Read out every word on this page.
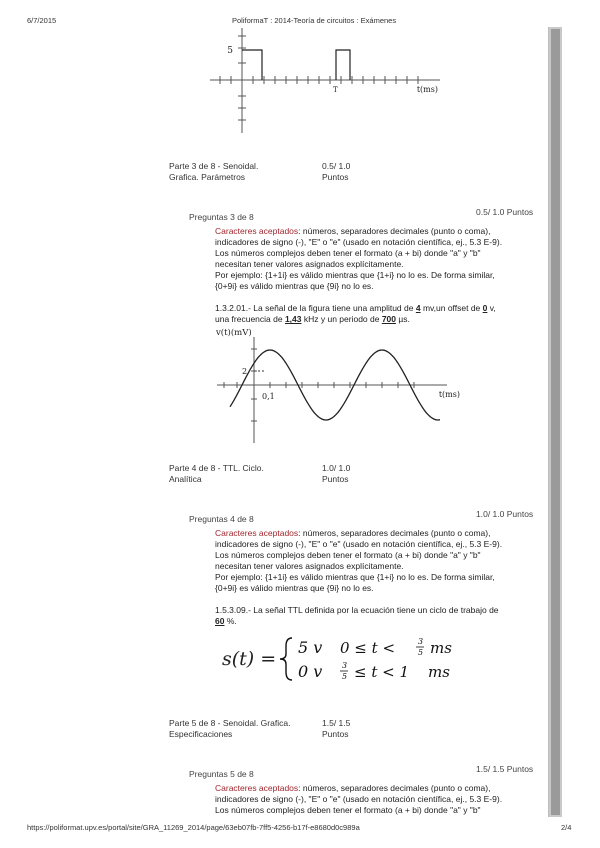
6/7/2015	PoliformaT : 2014-Teoría de circuitos : Exámenes
5
T	t(ms)
Parte 3 de 8 - Senoidal.
Grafica. Parámetros
0.5/ 1.0
Puntos
Preguntas 3 de 8	0.5/ 1.0 Puntos
Caracteres aceptados: números, separadores decimales (punto o coma),
indicadores de signo (-), "E" o "e" (usado en notación científica, ej., 5.3 E-9).
Los números complejos deben tener el formato (a + bi) donde "a" y "b"
necesitan tener valores asignados explícitamente.
Por ejemplo: {1+1i} es válido mientras que {1+i} no lo es. De forma similar,
{0+9i} es válido mientras que {9i} no lo es.
1.3.2.01.- La señal de la figura tiene una amplitud de 4 mv,un offset de 0 v,
una frecuencia de 1,43 kHz y un periodo de 700 µs.
v(t)(mV)
2
0,1	t(ms)
Parte 4 de 8 - TTL. Ciclo.
Analítica
1.0/ 1.0
Puntos
Preguntas 4 de 8	1.0/ 1.0 Puntos
Caracteres aceptados: números, separadores decimales (punto o coma),
indicadores de signo (-), "E" o "e" (usado en notación científica, ej., 5.3 E-9).
Los números complejos deben tener el formato (a + bi) donde "a" y "b"
necesitan tener valores asignados explícitamente.
Por ejemplo: {1+1i} es válido mientras que {1+i} no lo es. De forma similar,
{0+9i} es válido mientras que {9i} no lo es.
1.5.3.09.- La señal TTL definida por la ecuación tiene un ciclo de trabajo de
60 %.
s(t) =
5 v 0 ≤ t <	3
5 ms
0 v 3
5 ≤ t < 1 ms
Parte 5 de 8 - Senoidal. Grafica.
Especificaciones
1.5/ 1.5
Puntos
Preguntas 5 de 8	1.5/ 1.5 Puntos
Caracteres aceptados: números, separadores decimales (punto o coma),
indicadores de signo (-), "E" o "e" (usado en notación científica, ej., 5.3 E-9).
Los números complejos deben tener el formato (a + bi) donde "a" y "b"
https://poliformat.upv.es/portal/site/GRA_11269_2014/page/63eb07fb-7ff5-4256-b17f-e8680d0c989a	2/4
